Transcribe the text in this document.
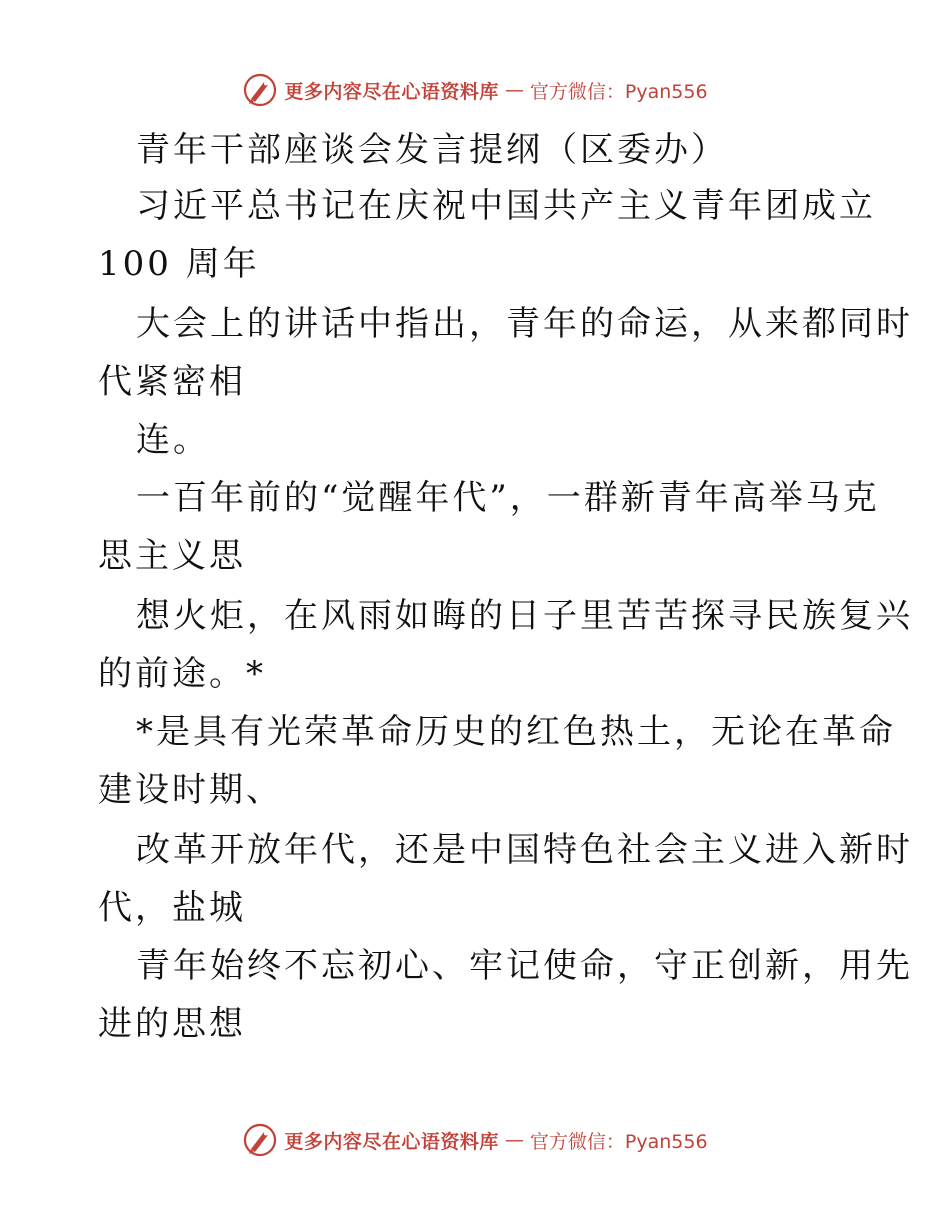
更多内容尽在心语资料库 — 官方微信：Pyan556
青年干部座谈会发言提纲（区委办）
习近平总书记在庆祝中国共产主义青年团成立
100 周年
大会上的讲话中指出，青年的命运，从来都同时
代紧密相
连。
一百年前的“觉醒年代”，一群新青年高举马克
思主义思
想火炬，在风雨如晦的日子里苦苦探寻民族复兴
的前途。*
*是具有光荣革命历史的红色热土，无论在革命
建设时期、
改革开放年代，还是中国特色社会主义进入新时
代，盐城
青年始终不忘初心、牢记使命，守正创新，用先
进的思想
更多内容尽在心语资料库 — 官方微信：Pyan556
